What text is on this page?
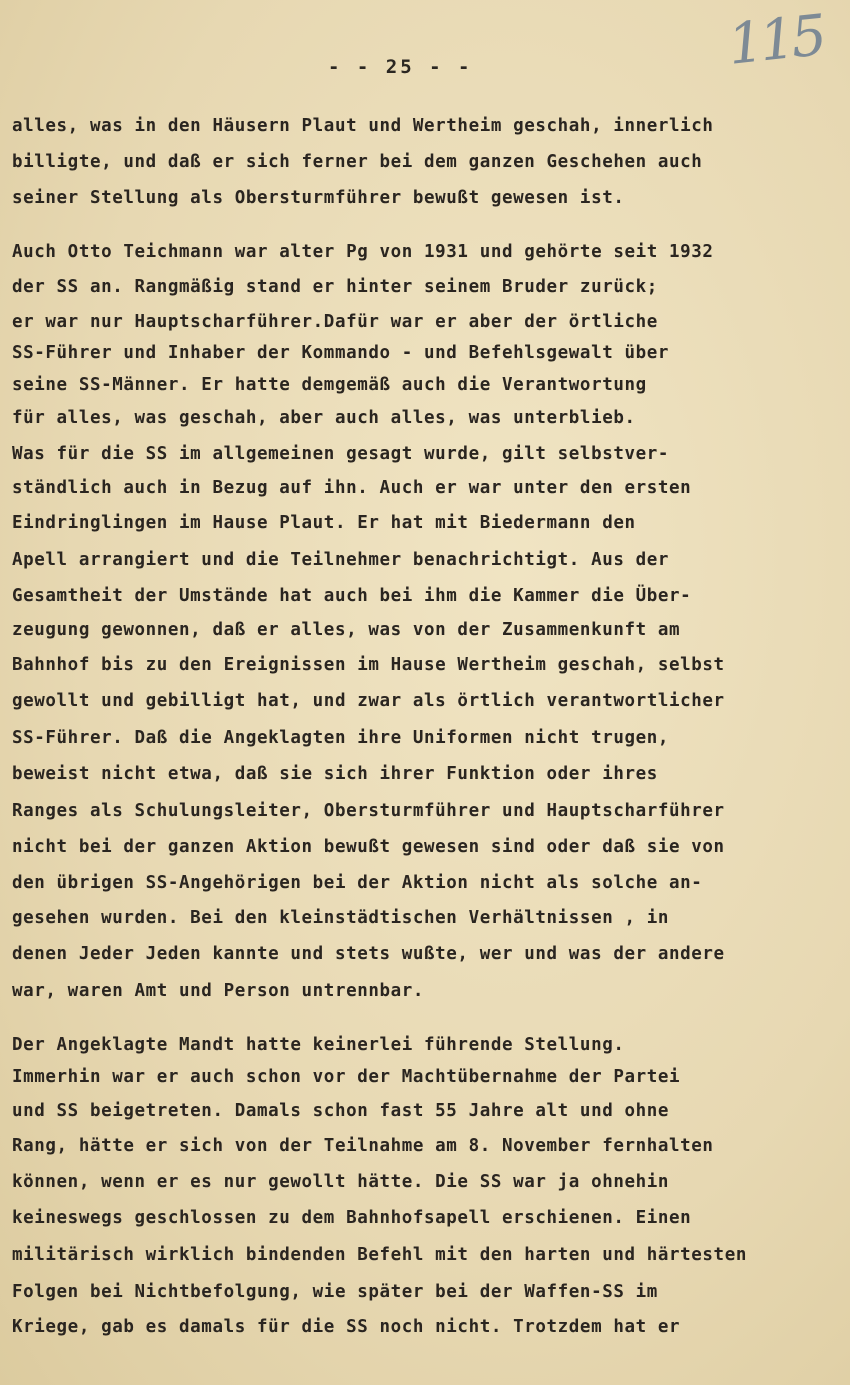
115
- - 25 - -
alles, was in den Häusern Plaut und Wertheim geschah, innerlich
billigte, und daß er sich ferner bei dem ganzen Geschehen auch
seiner Stellung als Obersturmführer bewußt gewesen ist.
Auch Otto Teichmann war alter Pg von 1931 und gehörte seit 1932
der SS an. Rangmäßig stand er hinter seinem Bruder zurück;
er war nur Hauptscharführer.Dafür war er aber der örtliche
SS-Führer und Inhaber der Kommando - und Befehlsgewalt über
seine SS-Männer. Er hatte demgemäß auch die Verantwortung
für alles, was geschah, aber auch alles, was unterblieb.
Was für die SS im allgemeinen gesagt wurde, gilt selbstver-
ständlich auch in Bezug auf ihn. Auch er war unter den ersten
Eindringlingen im Hause Plaut. Er hat mit Biedermann den
Apell arrangiert und die Teilnehmer benachrichtigt. Aus der
Gesamtheit der Umstände hat auch bei ihm die Kammer die Über-
zeugung gewonnen, daß er alles, was von der Zusammenkunft am
Bahnhof bis zu den Ereignissen im Hause Wertheim geschah, selbst
gewollt und gebilligt hat, und zwar als örtlich verantwortlicher
SS-Führer. Daß die Angeklagten ihre Uniformen nicht trugen,
beweist nicht etwa, daß sie sich ihrer Funktion oder ihres
Ranges als Schulungsleiter, Obersturmführer und Hauptscharführer
nicht bei der ganzen Aktion bewußt gewesen sind oder daß sie von
den übrigen SS-Angehörigen bei der Aktion nicht als solche an-
gesehen wurden. Bei den kleinstädtischen Verhältnissen , in
denen Jeder Jeden kannte und stets wußte, wer und was der andere
war, waren Amt und Person untrennbar.
Der Angeklagte Mandt hatte keinerlei führende Stellung.
Immerhin war er auch schon vor der Machtübernahme der Partei
und SS beigetreten. Damals schon fast 55 Jahre alt und ohne
Rang, hätte er sich von der Teilnahme am 8. November fernhalten
können, wenn er es nur gewollt hätte. Die SS war ja ohnehin
keineswegs geschlossen zu dem Bahnhofsapell erschienen. Einen
militärisch wirklich bindenden Befehl mit den harten und härtesten
Folgen bei Nichtbefolgung, wie später bei der Waffen-SS im
Kriege, gab es damals für die SS noch nicht. Trotzdem hat er
